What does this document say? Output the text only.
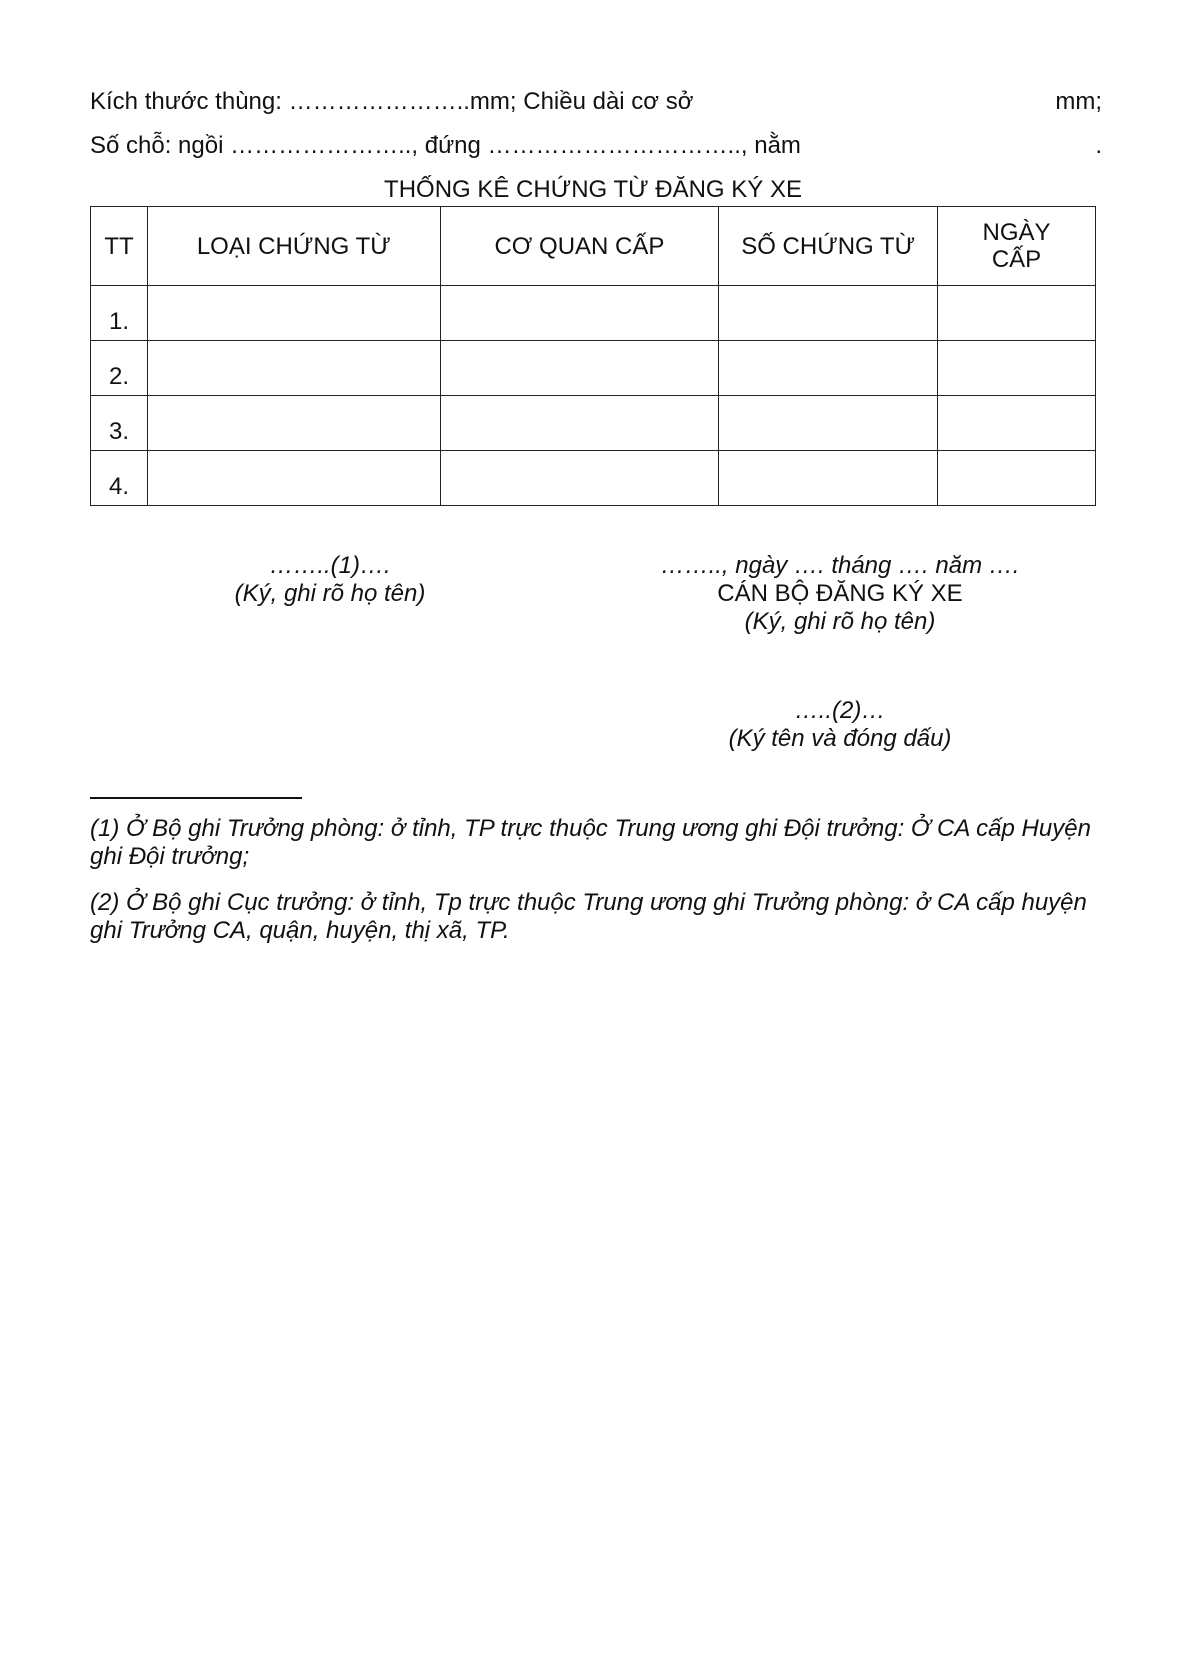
Kích thước thùng: …………………..mm; Chiều dài cơ sở	mm;
Số chỗ: ngồi ………………….., đứng ………………………….., nằm	.
THỐNG KÊ CHỨNG TỪ ĐĂNG KÝ XE
TT	LOẠI CHỨNG TỪ	CƠ QUAN CẤP	SỐ CHỨNG TỪ	NGÀY CẤP
1.				
2.				
3.				
4.				
……..(1)….
(Ký, ghi rõ họ tên)
…….., ngày …. tháng …. năm ….
CÁN BỘ ĐĂNG KÝ XE
(Ký, ghi rõ họ tên)
…..(2)…
(Ký tên và đóng dấu)
(1) Ở Bộ ghi Trưởng phòng: ở tỉnh, TP trực thuộc Trung ương ghi Đội trưởng: Ở CA cấp Huyện ghi Đội trưởng;
(2) Ở Bộ ghi Cục trưởng: ở tỉnh, Tp trực thuộc Trung ương ghi Trưởng phòng: ở CA cấp huyện ghi Trưởng CA, quận, huyện, thị xã, TP.
